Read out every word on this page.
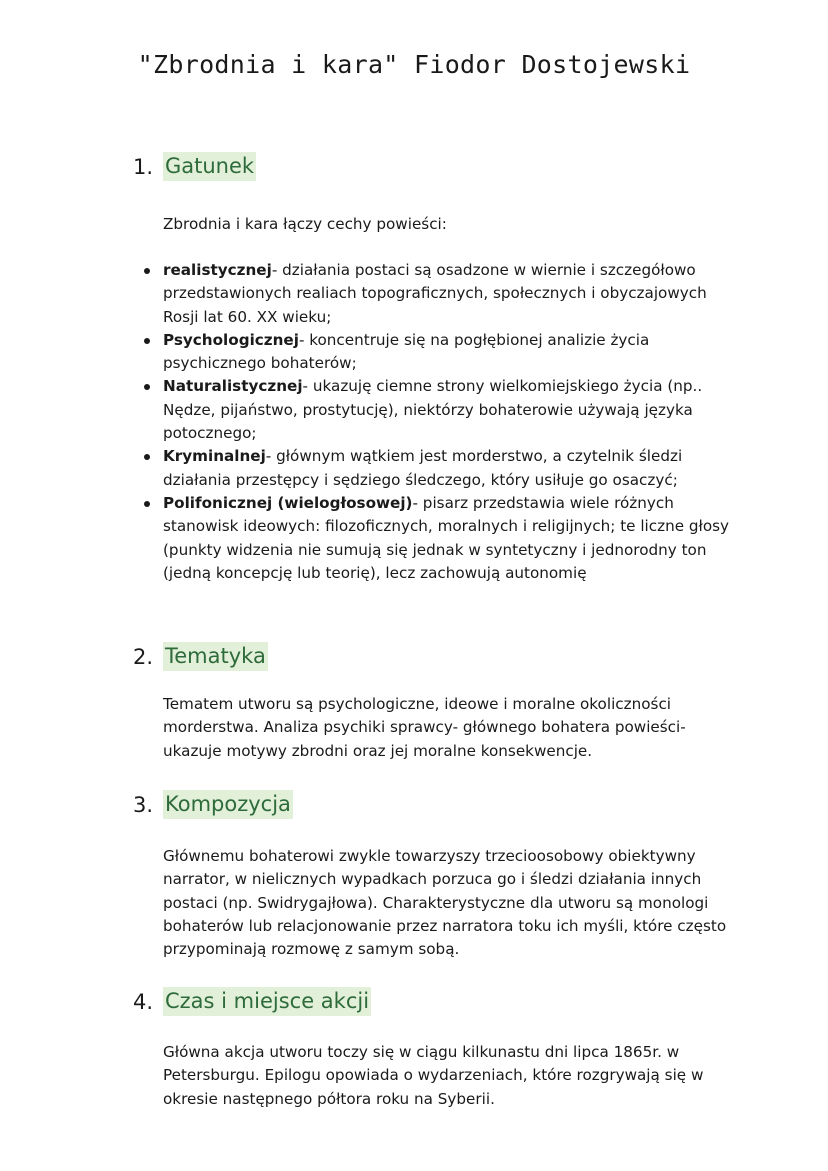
"Zbrodnia i kara" Fiodor Dostojewski
1. Gatunek

Zbrodnia i kara łączy cechy powieści:

realistycznej- działania postaci są osadzone w wiernie i szczegółowo przedstawionych realiach topograficznych, społecznych i obyczajowych Rosji lat 60. XX wieku;
Psychologicznej- koncentruje się na pogłębionej analizie życia psychicznego bohaterów;
Naturalistycznej- ukazuję ciemne strony wielkomiejskiego życia (np.. Nędze, pijaństwo, prostytucję), niektórzy bohaterowie używają języka potocznego;
Kryminalnej- głównym wątkiem jest morderstwo, a czytelnik śledzi działania przestępcy i sędziego śledczego, który usiłuje go osaczyć;
Polifonicznej (wielogłosowej)- pisarz przedstawia wiele różnych stanowisk ideowych: filozoficznych, moralnych i religijnych; te liczne głosy (punkty widzenia nie sumują się jednak w syntetyczny i jednorodny ton (jedną koncepcję lub teorię), lecz zachowują autonomię
2. Tematyka

Tematem utworu są psychologiczne, ideowe i moralne okoliczności morderstwa. Analiza psychiki sprawcy- głównego bohatera powieści- ukazuje motywy zbrodni oraz jej moralne konsekwencje.

3. Kompozycja

Głównemu bohaterowi zwykle towarzyszy trzecioosobowy obiektywny narrator, w nielicznych wypadkach porzuca go i śledzi działania innych postaci (np. Swidrygajłowa). Charakterystyczne dla utworu są monologi bohaterów lub relacjonowanie przez narratora toku ich myśli, które często przypominają rozmowę z samym sobą.

4. Czas i miejsce akcji

Główna akcja utworu toczy się w ciągu kilkunastu dni lipca 1865r. w Petersburgu. Epilogu opowiada o wydarzeniach, które rozgrywają się w okresie następnego półtora roku na Syberii.
